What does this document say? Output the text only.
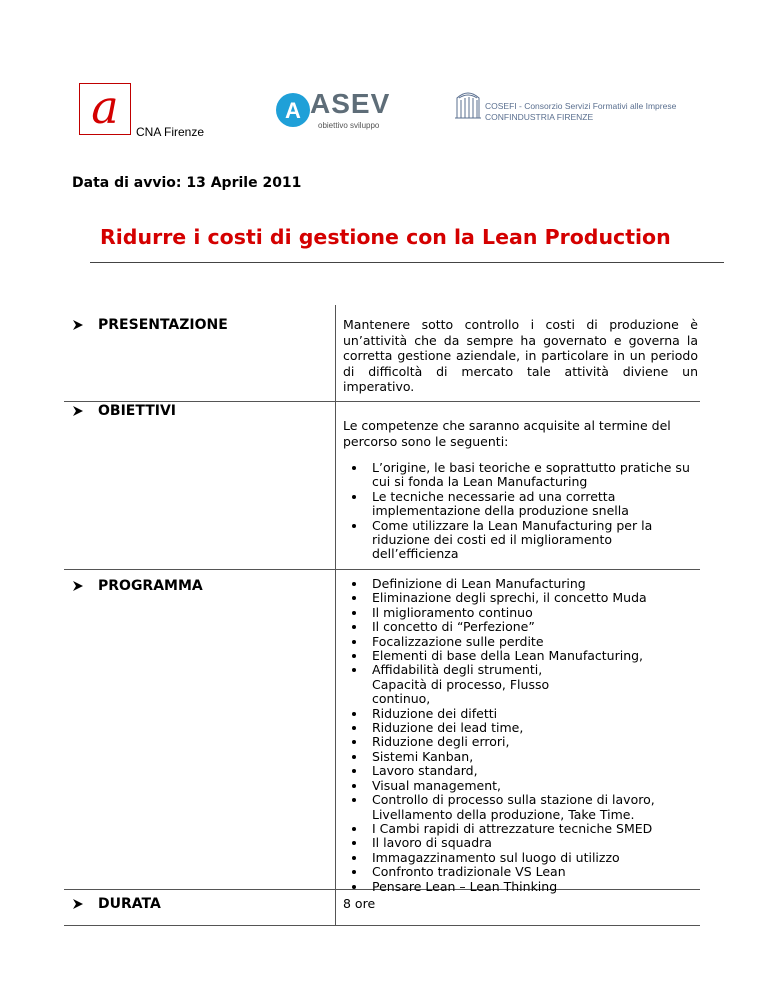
a CNA Firenze
A ASEV
obiettivo sviluppo
COSEFI - Consorzio Servizi Formativi alle Imprese
CONFINDUSTRIA FIRENZE
Data di avvio: 13 Aprile 2011
Ridurre i costi di gestione con la Lean Production
PRESENTAZIONE	Mantenere sotto controllo i costi di produzione è un’attività che da sempre ha governato e governa la corretta gestione aziendale, in particolare in un periodo di difficoltà di mercato tale attività diviene un imperativo.
OBIETTIVI
Le competenze che saranno acquisite al termine del percorso sono le seguenti:
L’origine, le basi teoriche e soprattutto pratiche su cui si fonda la Lean Manufacturing
Le tecniche necessarie ad una corretta implementazione della produzione snella
Come utilizzare la Lean Manufacturing per la riduzione dei costi ed il miglioramento dell’efficienza
PROGRAMMA	Definizione di Lean Manufacturing
Eliminazione degli sprechi, il concetto Muda
Il miglioramento continuo
Il concetto di “Perfezione”
Focalizzazione sulle perdite
Elementi di base della Lean Manufacturing,
Affidabilità degli strumenti, Capacità di processo, Flusso continuo,
Riduzione dei difetti
Riduzione dei lead time,
Riduzione degli errori,
Sistemi Kanban,
Lavoro standard,
Visual management,
Controllo di processo sulla stazione di lavoro, Livellamento della produzione, Take Time.
I Cambi rapidi di attrezzature tecniche SMED
Il lavoro di squadra
Immagazzinamento sul luogo di utilizzo
Confronto tradizionale VS Lean
Pensare Lean – Lean Thinking
DURATA	8 ore
